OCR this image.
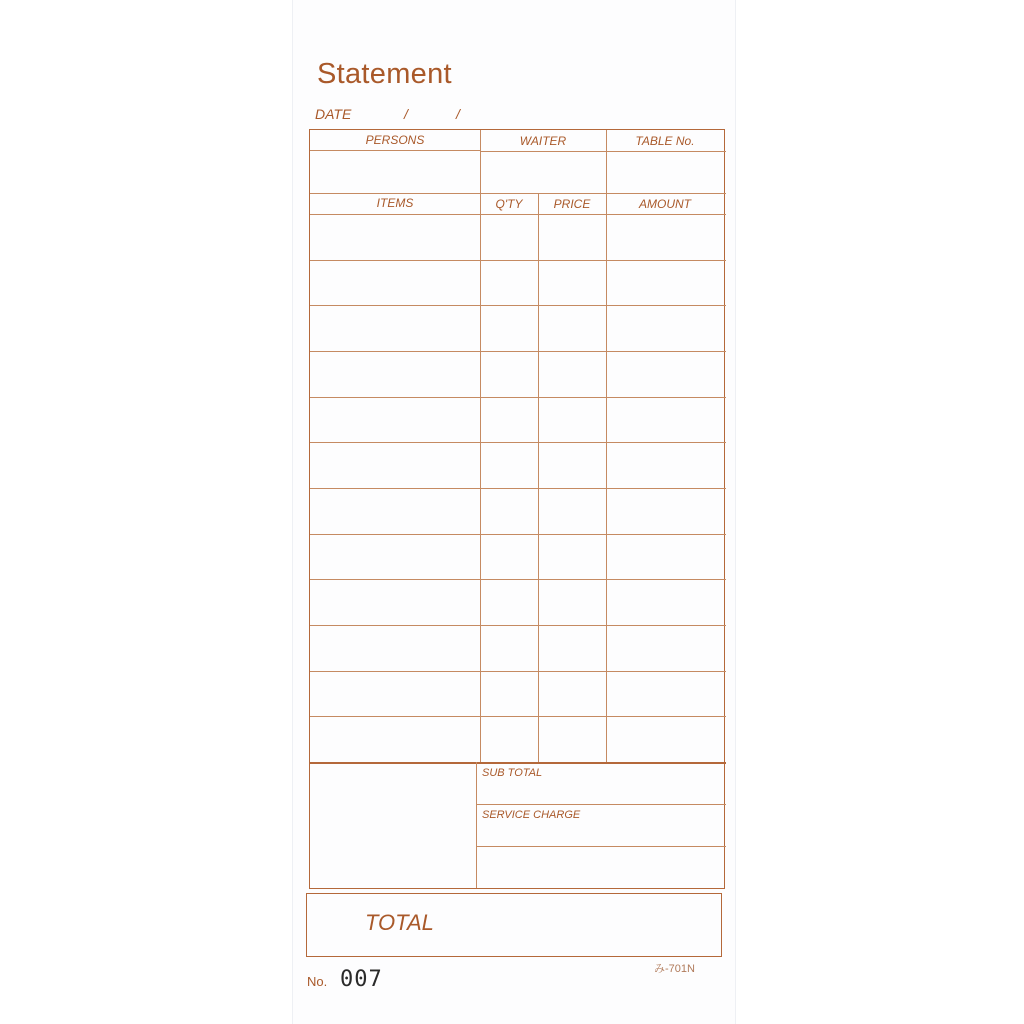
Statement
DATE	/	/
PERSONS	WAITER	TABLE No.
ITEMS	Q'TY	PRICE	AMOUNT
SUB TOTAL
SERVICE CHARGE
TOTAL
No. 007	み-701N
